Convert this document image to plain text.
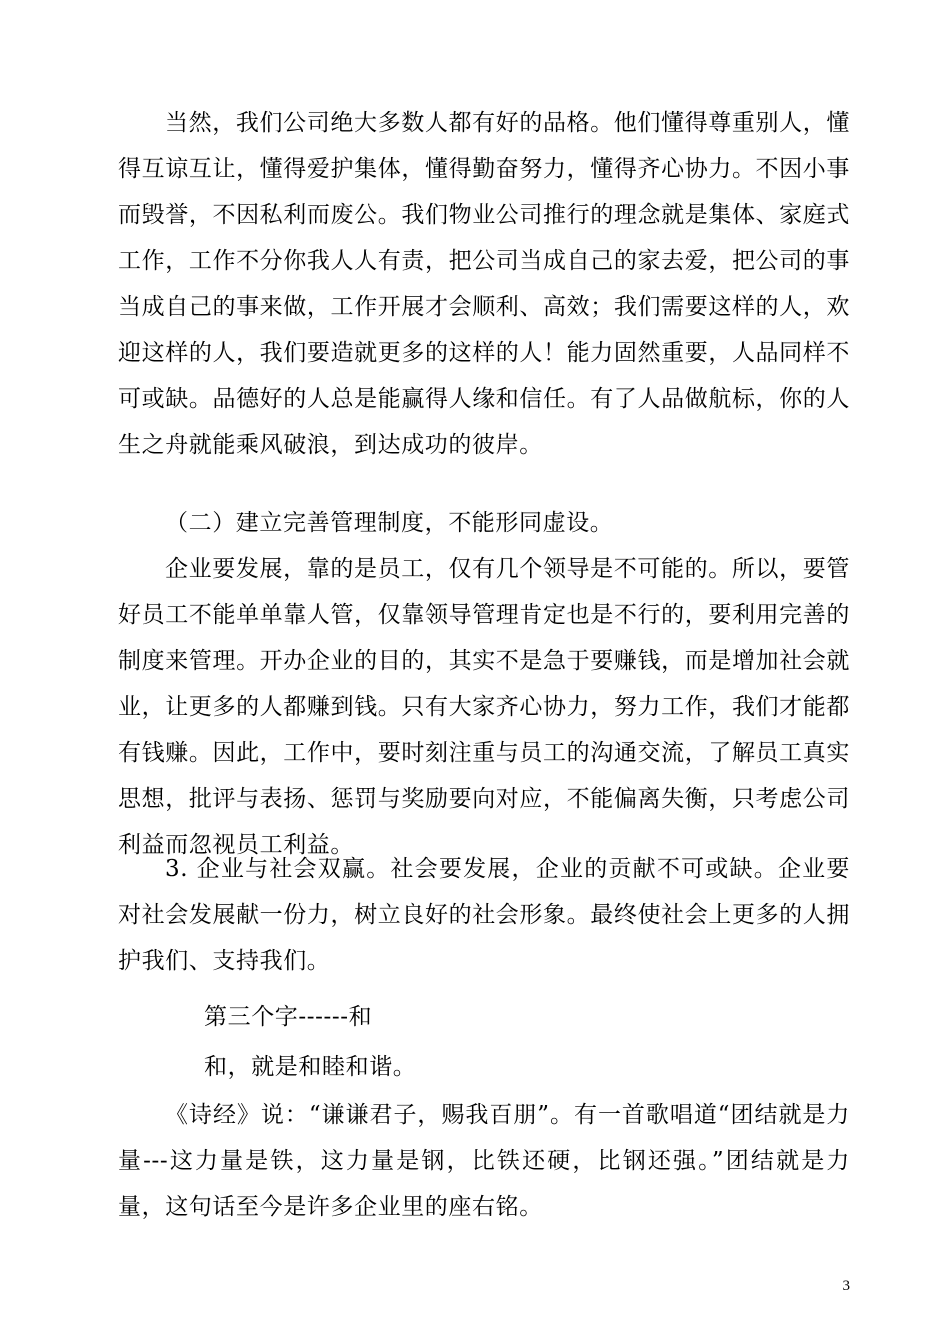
当然，我们公司绝大多数人都有好的品格。他们懂得尊重别人，懂得互谅互让，懂得爱护集体，懂得勤奋努力，懂得齐心协力。不因小事而毁誉，不因私利而废公。我们物业公司推行的理念就是集体、家庭式工作，工作不分你我人人有责，把公司当成自己的家去爱，把公司的事当成自己的事来做，工作开展才会顺利、高效；我们需要这样的人，欢迎这样的人，我们要造就更多的这样的人！能力固然重要，人品同样不可或缺。品德好的人总是能赢得人缘和信任。有了人品做航标，你的人生之舟就能乘风破浪，到达成功的彼岸。

（二）建立完善管理制度，不能形同虚设。

企业要发展，靠的是员工，仅有几个领导是不可能的。所以，要管好员工不能单单靠人管，仅靠领导管理肯定也是不行的，要利用完善的制度来管理。开办企业的目的，其实不是急于要赚钱，而是增加社会就业，让更多的人都赚到钱。只有大家齐心协力，努力工作，我们才能都有钱赚。因此，工作中，要时刻注重与员工的沟通交流，了解员工真实思想，批评与表扬、惩罚与奖励要向对应，不能偏离失衡，只考虑公司利益而忽视员工利益。

3. 企业与社会双赢。社会要发展，企业的贡献不可或缺。企业要对社会发展献一份力，树立良好的社会形象。最终使社会上更多的人拥护我们、支持我们。

第三个字------和

和，就是和睦和谐。

《诗经》说：“谦谦君子，赐我百朋”。有一首歌唱道“团结就是力量---这力量是铁，这力量是钢，比铁还硬，比钢还强。”团结就是力量，这句话至今是许多企业里的座右铭。

3
